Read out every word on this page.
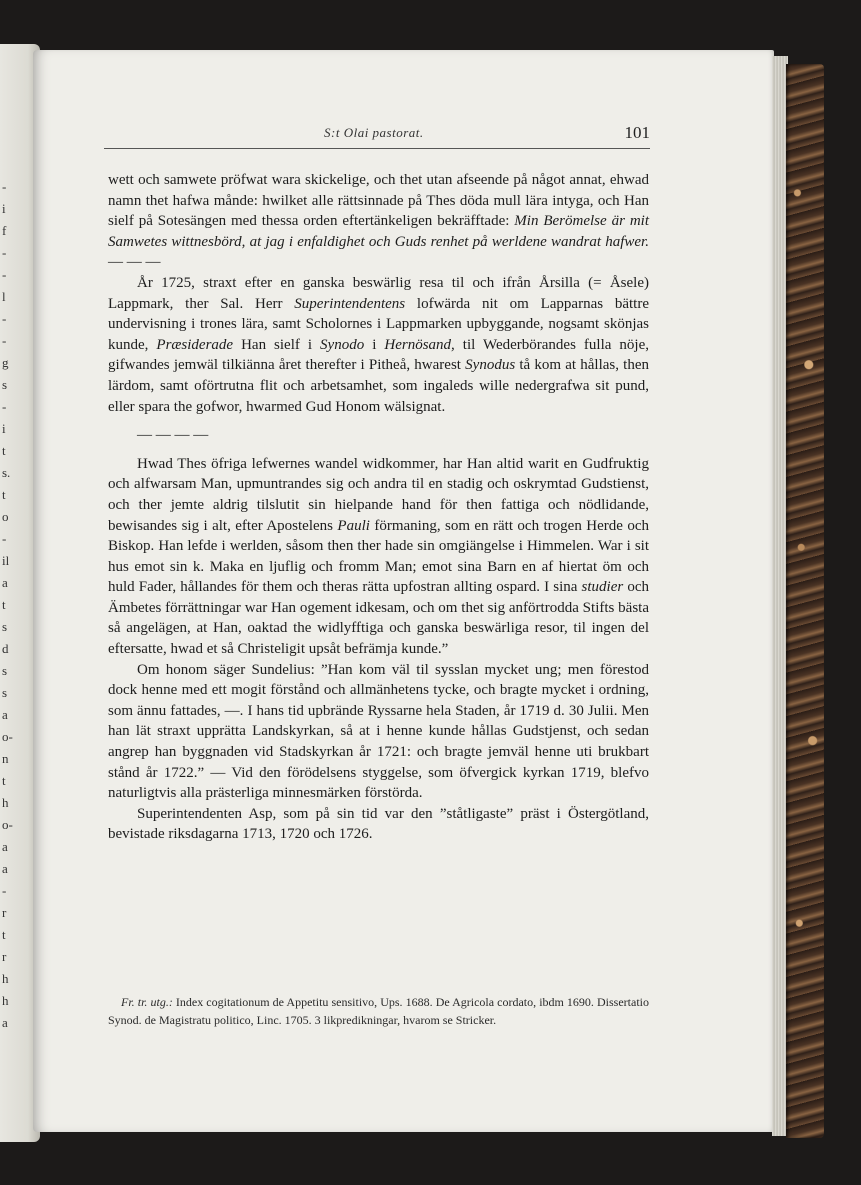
-
i
f
-
-
l
-
-
g
s
-
i
t
s.
t
o
-
il
a
t
s
d
s
s
a
o-
n
t
h
o-
a
a
-
r
t
r
h
h
a
S:t Olai pastorat.	101

wett och samwete pröfwat wara skickelige, och thet utan afseende på något annat, ehwad namn thet hafwa månde: hwilket alle rättsinnade på Thes döda mull lära intyga, och Han sielf på Sotesängen med thessa orden eftertänkeligen bekräfftade: Min Berömelse är mit Samwetes wittnesbörd, at jag i enfaldighet och Guds renhet på werldene wandrat hafwer. — — —

År 1725, straxt efter en ganska beswärlig resa til och ifrån Årsilla (= Åsele) Lappmark, ther Sal. Herr Superintendentens lofwärda nit om Lapparnas bättre undervisning i trones lära, samt Scholornes i Lappmarken upbyggande, nogsamt skönjas kunde, Præsiderade Han sielf i Synodo i Hernösand, til Wederbörandes fulla nöje, gifwandes jemwäl tilkiänna året therefter i Pitheå, hwarest Synodus tå kom at hållas, then lärdom, samt oförtrutna flit och arbetsamhet, som ingaleds wille nedergrafwa sit pund, eller spara the gofwor, hwarmed Gud Honom wälsignat.

— — — —

Hwad Thes öfriga lefwernes wandel widkommer, har Han altid warit en Gudfruktig och alfwarsam Man, upmuntrandes sig och andra til en stadig och oskrymtad Gudstienst, och ther jemte aldrig tilslutit sin hielpande hand för then fattiga och nödlidande, bewisandes sig i alt, efter Apostelens Pauli förmaning, som en rätt och trogen Herde och Biskop. Han lefde i werlden, såsom then ther hade sin omgiängelse i Himmelen. War i sit hus emot sin k. Maka en ljuflig och fromm Man; emot sina Barn en af hiertat öm och huld Fader, hållandes för them och theras rätta upfostran allting ospard. I sina studier och Ämbetes förrättningar war Han ogement idkesam, och om thet sig anförtrodda Stifts bästa så angelägen, at Han, oaktad the widlyfftiga och ganska beswärliga resor, til ingen del eftersatte, hwad et så Christeligit upsåt befrämja kunde.”

Om honom säger Sundelius: ”Han kom väl til sysslan mycket ung; men förestod dock henne med ett mogit förstånd och allmänhetens tycke, och bragte mycket i ordning, som ännu fattades, —. I hans tid upbrände Ryssarne hela Staden, år 1719 d. 30 Julii. Men han lät straxt upprätta Landskyrkan, så at i henne kunde hållas Gudstjenst, och sedan angrep han byggnaden vid Stadskyrkan år 1721: och bragte jemväl henne uti brukbart stånd år 1722.” — Vid den förödelsens styggelse, som öfvergick kyrkan 1719, blefvo naturligtvis alla prästerliga minnesmärken förstörda.

Superintendenten Asp, som på sin tid var den ”ståtligaste” präst i Östergötland, bevistade riksdagarna 1713, 1720 och 1726.

Fr. tr. utg.: Index cogitationum de Appetitu sensitivo, Ups. 1688. De Agricola cordato, ibdm 1690. Dissertatio Synod. de Magistratu politico, Linc. 1705. 3 likpredikningar, hvarom se Stricker.
